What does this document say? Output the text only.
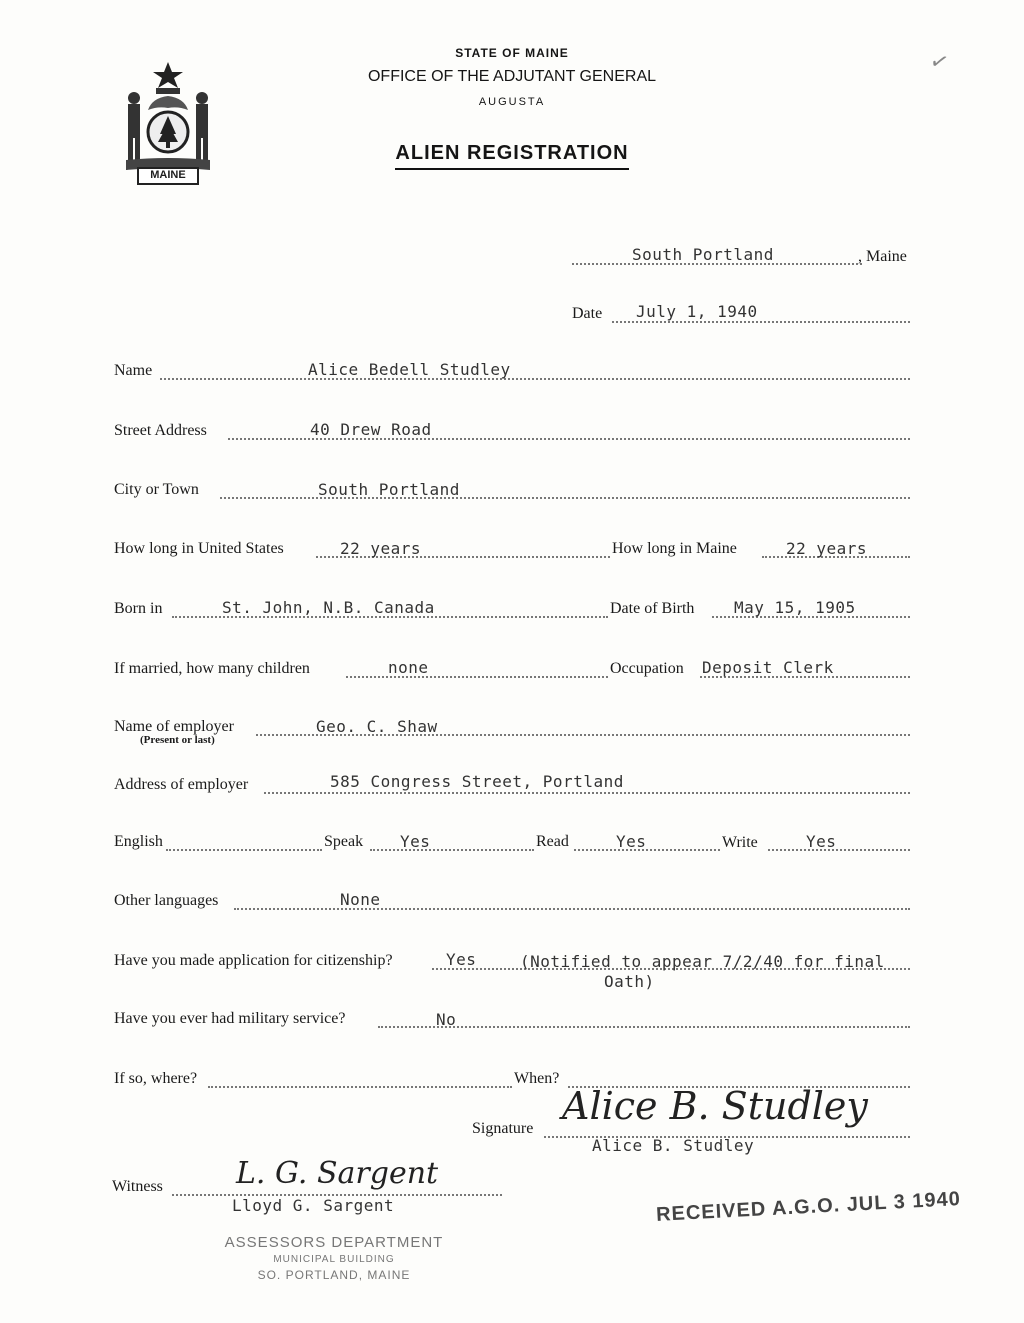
STATE OF MAINE
OFFICE OF THE ADJUTANT GENERAL
AUGUSTA
ALIEN REGISTRATION
MAINE
✓
South Portland	, Maine
Date July 1, 1940
Name	Alice Bedell Studley
Street Address	40 Drew Road
City or Town	South Portland
How long in United States	22 years	How long in Maine	22 years
Born in	St. John, N.B. Canada	Date of Birth May 15, 1905
If married, how many children	none	Occupation Deposit Clerk
Name of employer
(Present or last)
Geo. C. Shaw
Address of employer	585 Congress Street, Portland
English	Speak Yes	Read	Yes	Write	Yes
Other languages	None
Have you made application for citizenship?	Yes	(Notified to appear 7/2/40 for final
Oath)
Have you ever had military service?	No
If so, where?	When?
Signature
Alice B. Studley
Alice B. Studley
Witness L. G. Sargent
Lloyd G. Sargent
ASSESSORS DEPARTMENT
MUNICIPAL BUILDING
SO. PORTLAND, MAINE
RECEIVED A.G.O. JUL 3 1940
